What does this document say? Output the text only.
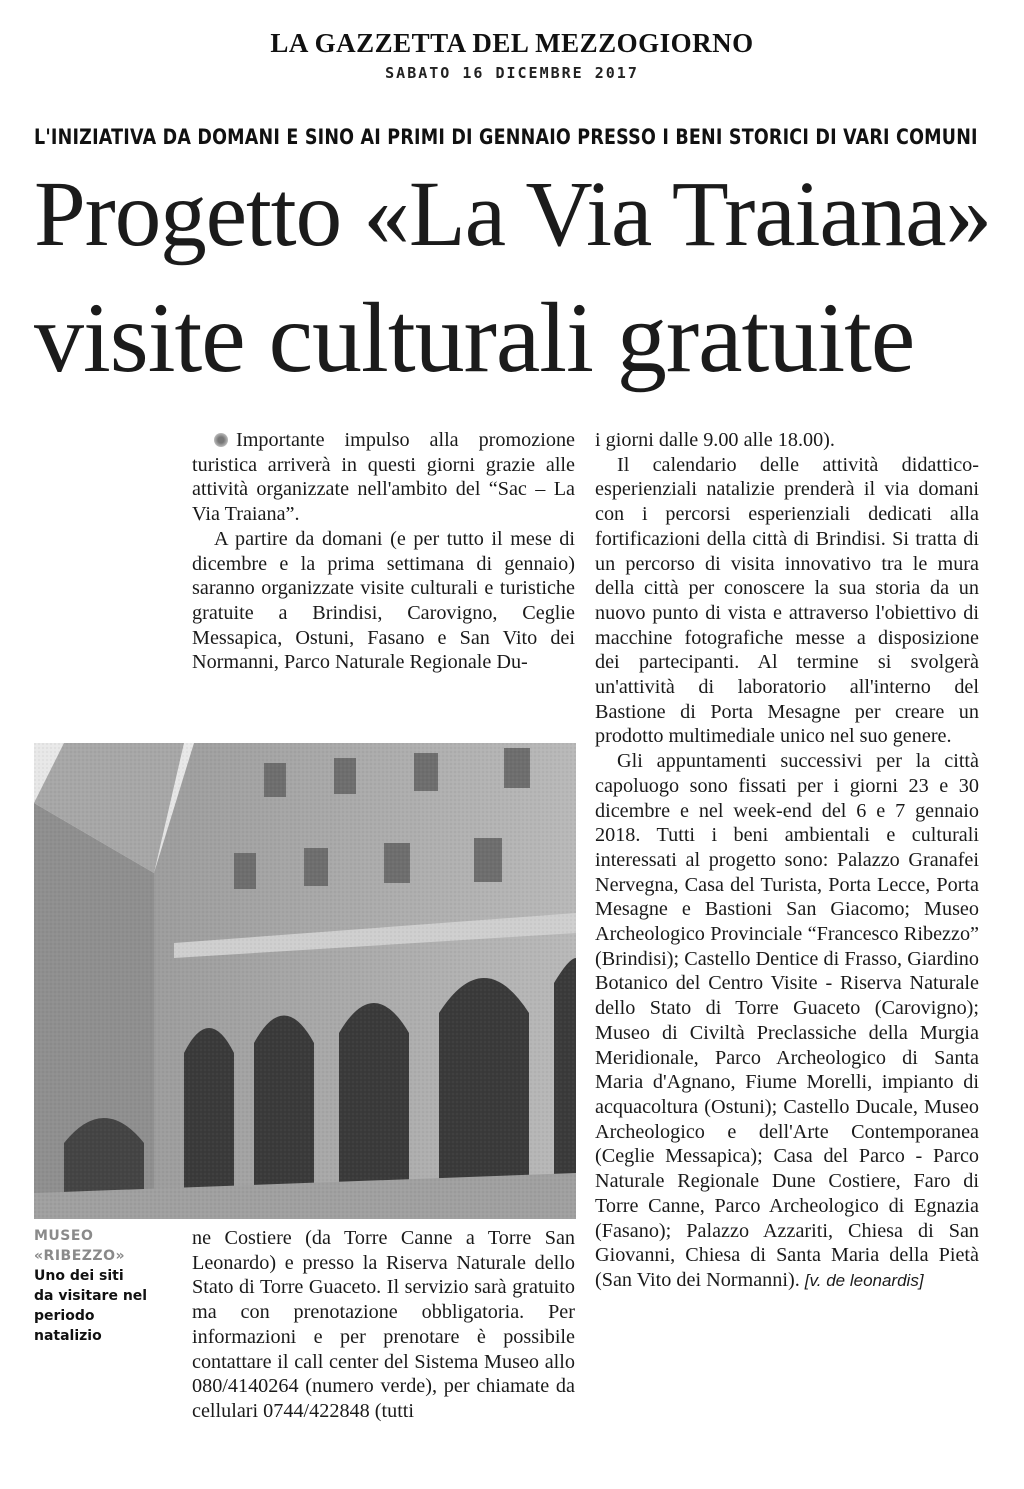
LA GAZZETTA DEL MEZZOGIORNO
SABATO 16 DICEMBRE 2017
L'INIZIATIVA DA DOMANI E SINO AI PRIMI DI GENNAIO PRESSO I BENI STORICI DI VARI COMUNI
Progetto «La Via Traiana»
visite culturali gratuite

Importante impulso alla promozione turistica arriverà in questi giorni grazie alle attività organizzate nell'ambito del “Sac – La Via Traiana”.

A partire da domani (e per tutto il mese di dicembre e la prima settimana di gennaio) saranno organizzate visite culturali e turistiche gratuite a Brindisi, Carovigno, Ceglie Messapica, Ostuni, Fasano e San Vito dei Normanni, Parco Naturale Regionale Du-

MUSEO
«RIBEZZO»
Uno dei siti
da visitare nel
periodo
natalizio

ne Costiere (da Torre Canne a Torre San Leonardo) e presso la Riserva Naturale dello Stato di Torre Guaceto. Il servizio sarà gratuito ma con prenotazione obbligatoria. Per informazioni e per prenotare è possibile contattare il call center del Sistema Museo allo 080/4140264 (numero verde), per chiamate da cellulari 0744/422848 (tutti

i giorni dalle 9.00 alle 18.00).

Il calendario delle attività didattico-esperienziali natalizie prenderà il via domani con i percorsi esperienziali dedicati alla fortificazioni della città di Brindisi. Si tratta di un percorso di visita innovativo tra le mura della città per conoscere la sua storia da un nuovo punto di vista e attraverso l'obiettivo di macchine fotografiche messe a disposizione dei partecipanti. Al termine si svolgerà un'attività di laboratorio all'interno del Bastione di Porta Mesagne per creare un prodotto multimediale unico nel suo genere.

Gli appuntamenti successivi per la città capoluogo sono fissati per i giorni 23 e 30 dicembre e nel week-end del 6 e 7 gennaio 2018. Tutti i beni ambientali e culturali interessati al progetto sono: Palazzo Granafei Nervegna, Casa del Turista, Porta Lecce, Porta Mesagne e Bastioni San Giacomo; Museo Archeologico Provinciale “Francesco Ribezzo” (Brindisi); Castello Dentice di Frasso, Giardino Botanico del Centro Visite - Riserva Naturale dello Stato di Torre Guaceto (Carovigno); Museo di Civiltà Preclassiche della Murgia Meridionale, Parco Archeologico di Santa Maria d'Agnano, Fiume Morelli, impianto di acquacoltura (Ostuni); Castello Ducale, Museo Archeologico e dell'Arte Contemporanea (Ceglie Messapica); Casa del Parco - Parco Naturale Regionale Dune Costiere, Faro di Torre Canne, Parco Archeologico di Egnazia (Fasano); Palazzo Azzariti, Chiesa di San Giovanni, Chiesa di Santa Maria della Pietà (San Vito dei Normanni). [v. de leonardis]
